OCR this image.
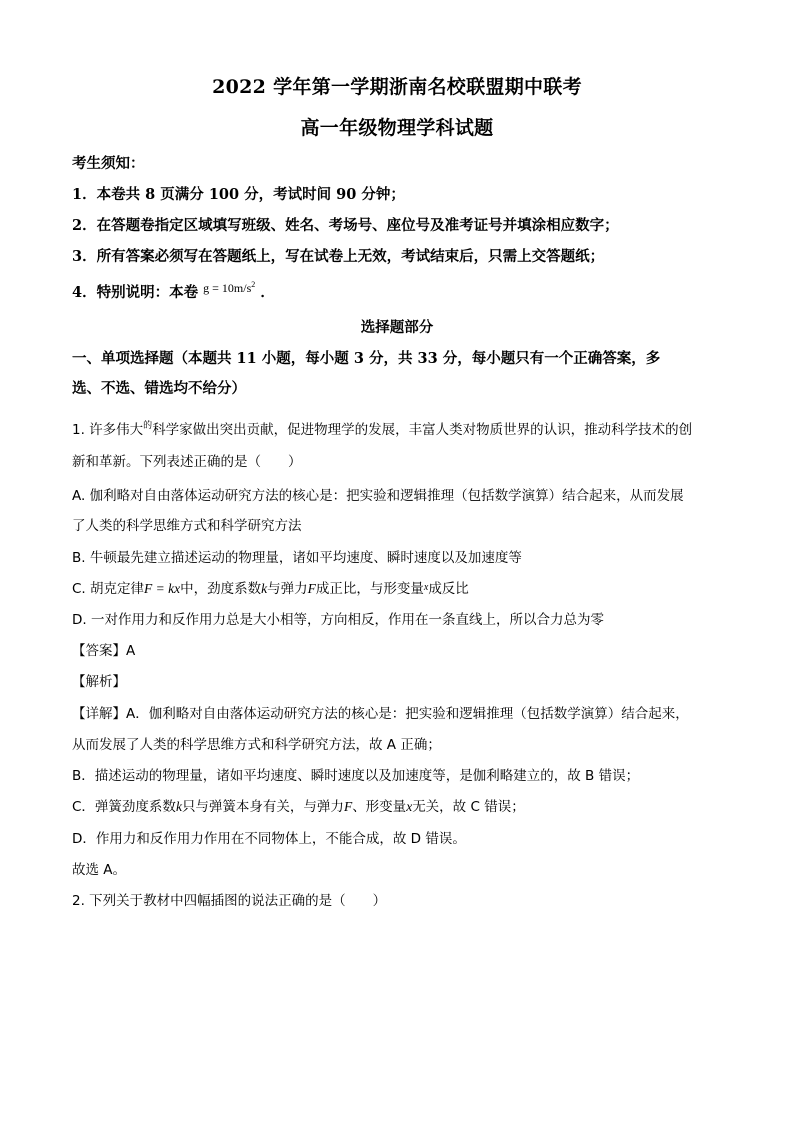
2022 学年第一学期浙南名校联盟期中联考
高一年级物理学科试题
考生须知：
1．本卷共 8 页满分 100 分，考试时间 90 分钟；
2．在答题卷指定区域填写班级、姓名、考场号、座位号及准考证号并填涂相应数字；
3．所有答案必须写在答题纸上，写在试卷上无效，考试结束后，只需上交答题纸；
4．特别说明：本卷 $^{g = 10m/s^2}$ ．
选择题部分
一、单项选择题（本题共 11 小题，每小题 3 分，共 33 分，每小题只有一个正确答案，多
选、不选、错选均不给分）
1. 许多伟大$^的$科学家做出突出贡献，促进物理学的发展，丰富人类对物质世界的认识，推动科学技术的创
新和革新。下列表述正确的是（　　）
A. 伽利略对自由落体运动研究方法的核心是：把实验和逻辑推理（包括数学演算）结合起来，从而发展
了人类的科学思维方式和科学研究方法
B. 牛顿最先建立描述运动的物理量，诸如平均速度、瞬时速度以及加速度等
C. 胡克定律F = kx中，劲度系数k与弹力F成正比，与形变量$^x$成反比
D. 一对作用力和反作用力总是大小相等，方向相反，作用在一条直线上，所以合力总为零
【答案】A
【解析】
【详解】A．伽利略对自由落体运动研究方法的核心是：把实验和逻辑推理（包括数学演算）结合起来，
从而发展了人类的科学思维方式和科学研究方法，故 A 正确；
B．描述运动的物理量，诸如平均速度、瞬时速度以及加速度等，是伽利略建立的，故 B 错误；
C．弹簧劲度系数k只与弹簧本身有关，与弹力F、形变量x无关，故 C 错误；
D．作用力和反作用力作用在不同物体上，不能合成，故 D 错误。
故选 A。
2. 下列关于教材中四幅插图的说法正确的是（　　）
